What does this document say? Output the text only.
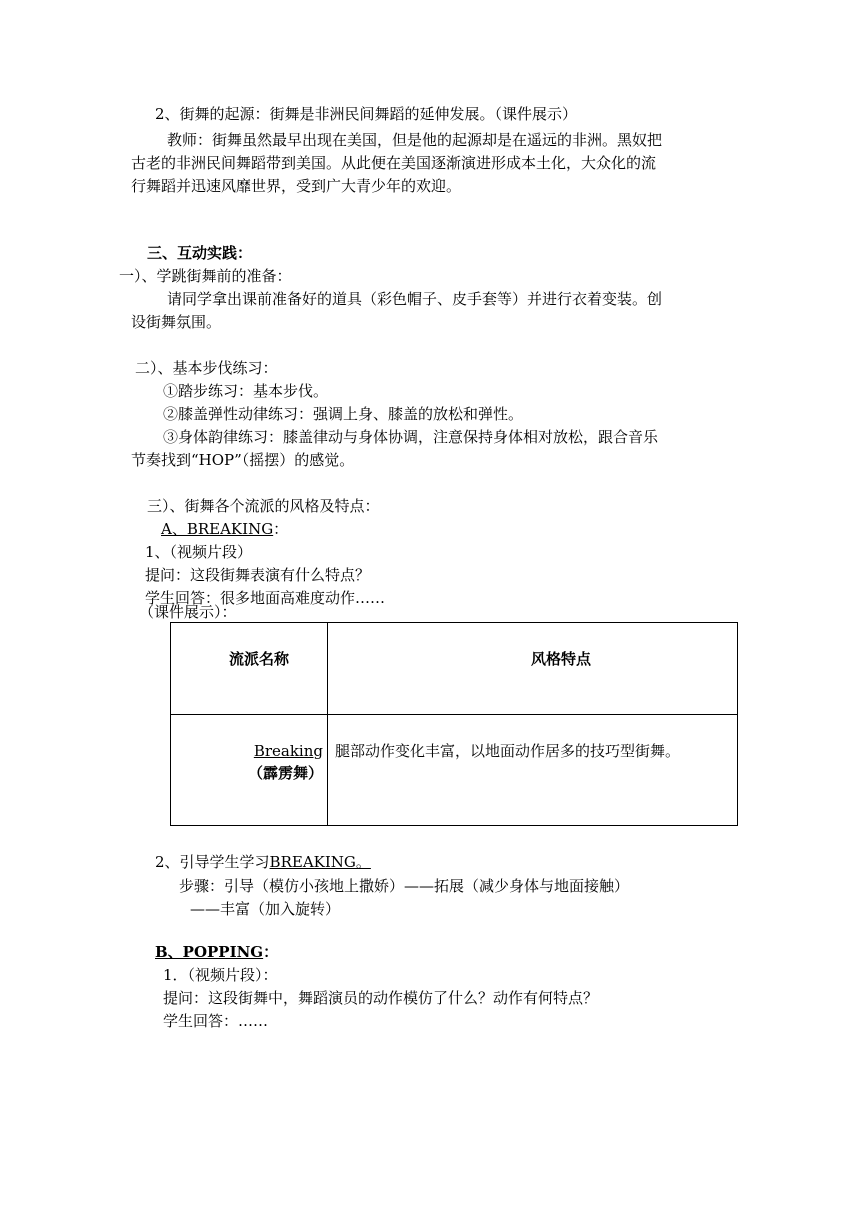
2、街舞的起源：街舞是非洲民间舞蹈的延伸发展。（课件展示）

教师：街舞虽然最早出现在美国，但是他的起源却是在遥远的非洲。黑奴把

古老的非洲民间舞蹈带到美国。从此便在美国逐渐演进形成本土化，大众化的流

行舞蹈并迅速风靡世界，受到广大青少年的欢迎。

三、互动实践：

一）、学跳街舞前的准备：

请同学拿出课前准备好的道具（彩色帽子、皮手套等）并进行衣着变装。创

设街舞氛围。

二）、基本步伐练习：

①踏步练习：基本步伐。

②膝盖弹性动律练习：强调上身、膝盖的放松和弹性。

③身体韵律练习：膝盖律动与身体协调，注意保持身体相对放松，跟合音乐

节奏找到“HOP”（摇摆）的感觉。

三）、街舞各个流派的风格及特点：

A、BREAKING：

1、（视频片段）

提问：这段街舞表演有什么特点？

学生回答：很多地面高难度动作……

（课件展示）：

流派名称	风格特点
Breaking
（霹雳舞）
腿部动作变化丰富，以地面动作居多的技巧型街舞。

2、引导学生学习BREAKING。

步骤：引导（模仿小孩地上撒娇）——拓展（减少身体与地面接触）

——丰富（加入旋转）

B、POPPING：

1．（视频片段）：

提问：这段街舞中，舞蹈演员的动作模仿了什么？动作有何特点？

学生回答：……
